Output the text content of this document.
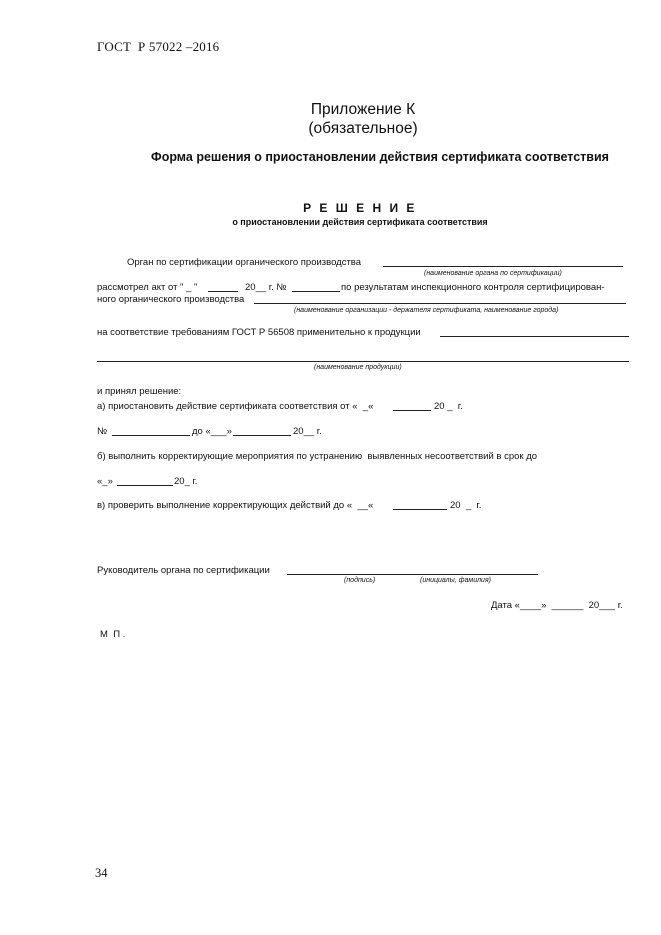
ГОСТ  Р 57022 –2016
Приложение К
(обязательное)
Форма решения о приостановлении действия сертификата соответствия
Р Е Ш Е Н И Е
о приостановлении действия сертификата соответствия
Орган по сертификации органического производства
(наименование органа по сертификации)
рассмотрел акт от " _ "	20__ г. №	по результатам инспекционного контроля сертифицирован-
ного органического производства
(наименование организации - держателя сертификата, наименование города)
на соответствие требованиям ГОСТ Р 56508 применительно к продукции
(наименование продукции)
и принял решение:
а) приостановить действие сертификата соответствия от «  _«	20 _  г.
№	до «___»	20__ г.
б) выполнить корректирующие мероприятия по устранению  выявленных несоответствий в срок до
«_»	20_ г.
в) проверить выполнение корректирующих действий до «  __«	20  _  г.
Руководитель органа по сертификации
(подпись)	(инициалы, фамилия)
Дата «____»  ______  20___ г.
М  П .
34
